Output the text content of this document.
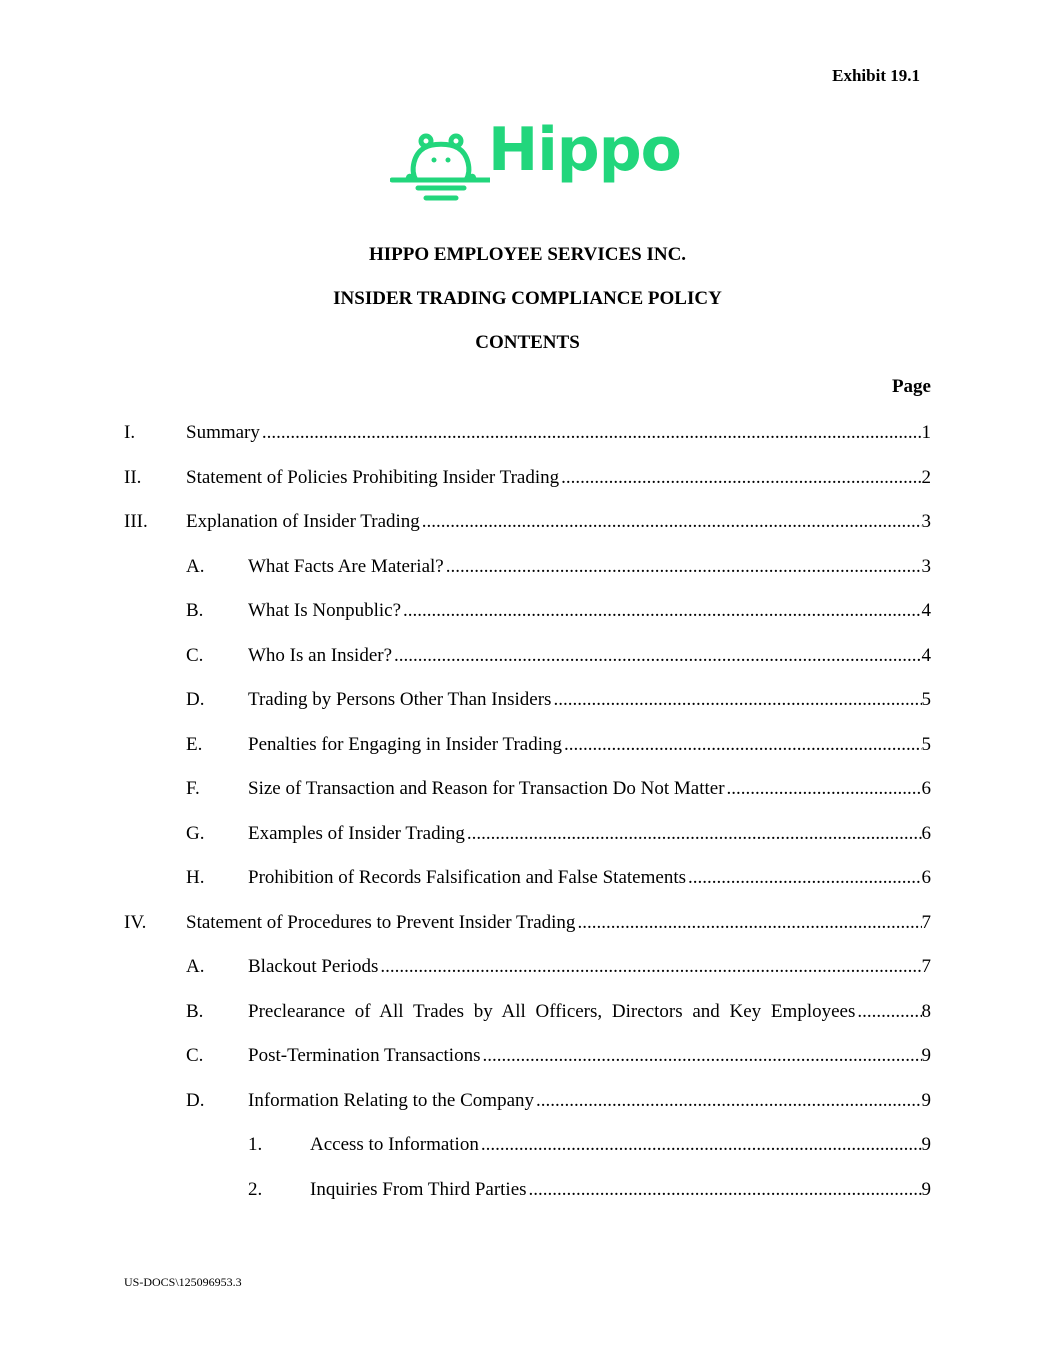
Exhibit 19.1
Hippo
HIPPO EMPLOYEE SERVICES INC.
INSIDER TRADING COMPLIANCE POLICY
CONTENTS
Page
I.	Summary .....	1
II. Statement of Policies Prohibiting Insider Trading .....	2
III. Explanation of Insider Trading .....	3
A. What Facts Are Material? .....	3
B. What Is Nonpublic? .....	4
C. Who Is an Insider? .....	4
D. Trading by Persons Other Than Insiders .....	5
E. Penalties for Engaging in Insider Trading .....	5
F.	Size of Transaction and Reason for Transaction Do Not Matter .....	6
G. Examples of Insider Trading .....	6
H. Prohibition of Records Falsification and False Statements .....	6
IV. Statement of Procedures to Prevent Insider Trading .....	7
A. Blackout Periods .....	7
B. Preclearance of All Trades by All Officers, Directors and Key Employees .....	8
C. Post-Termination Transactions .....	9
D. Information Relating to the Company .....	9
1.	Access to Information .....	9
2.	Inquiries From Third Parties .....	9
US-DOCS\125096953.3
